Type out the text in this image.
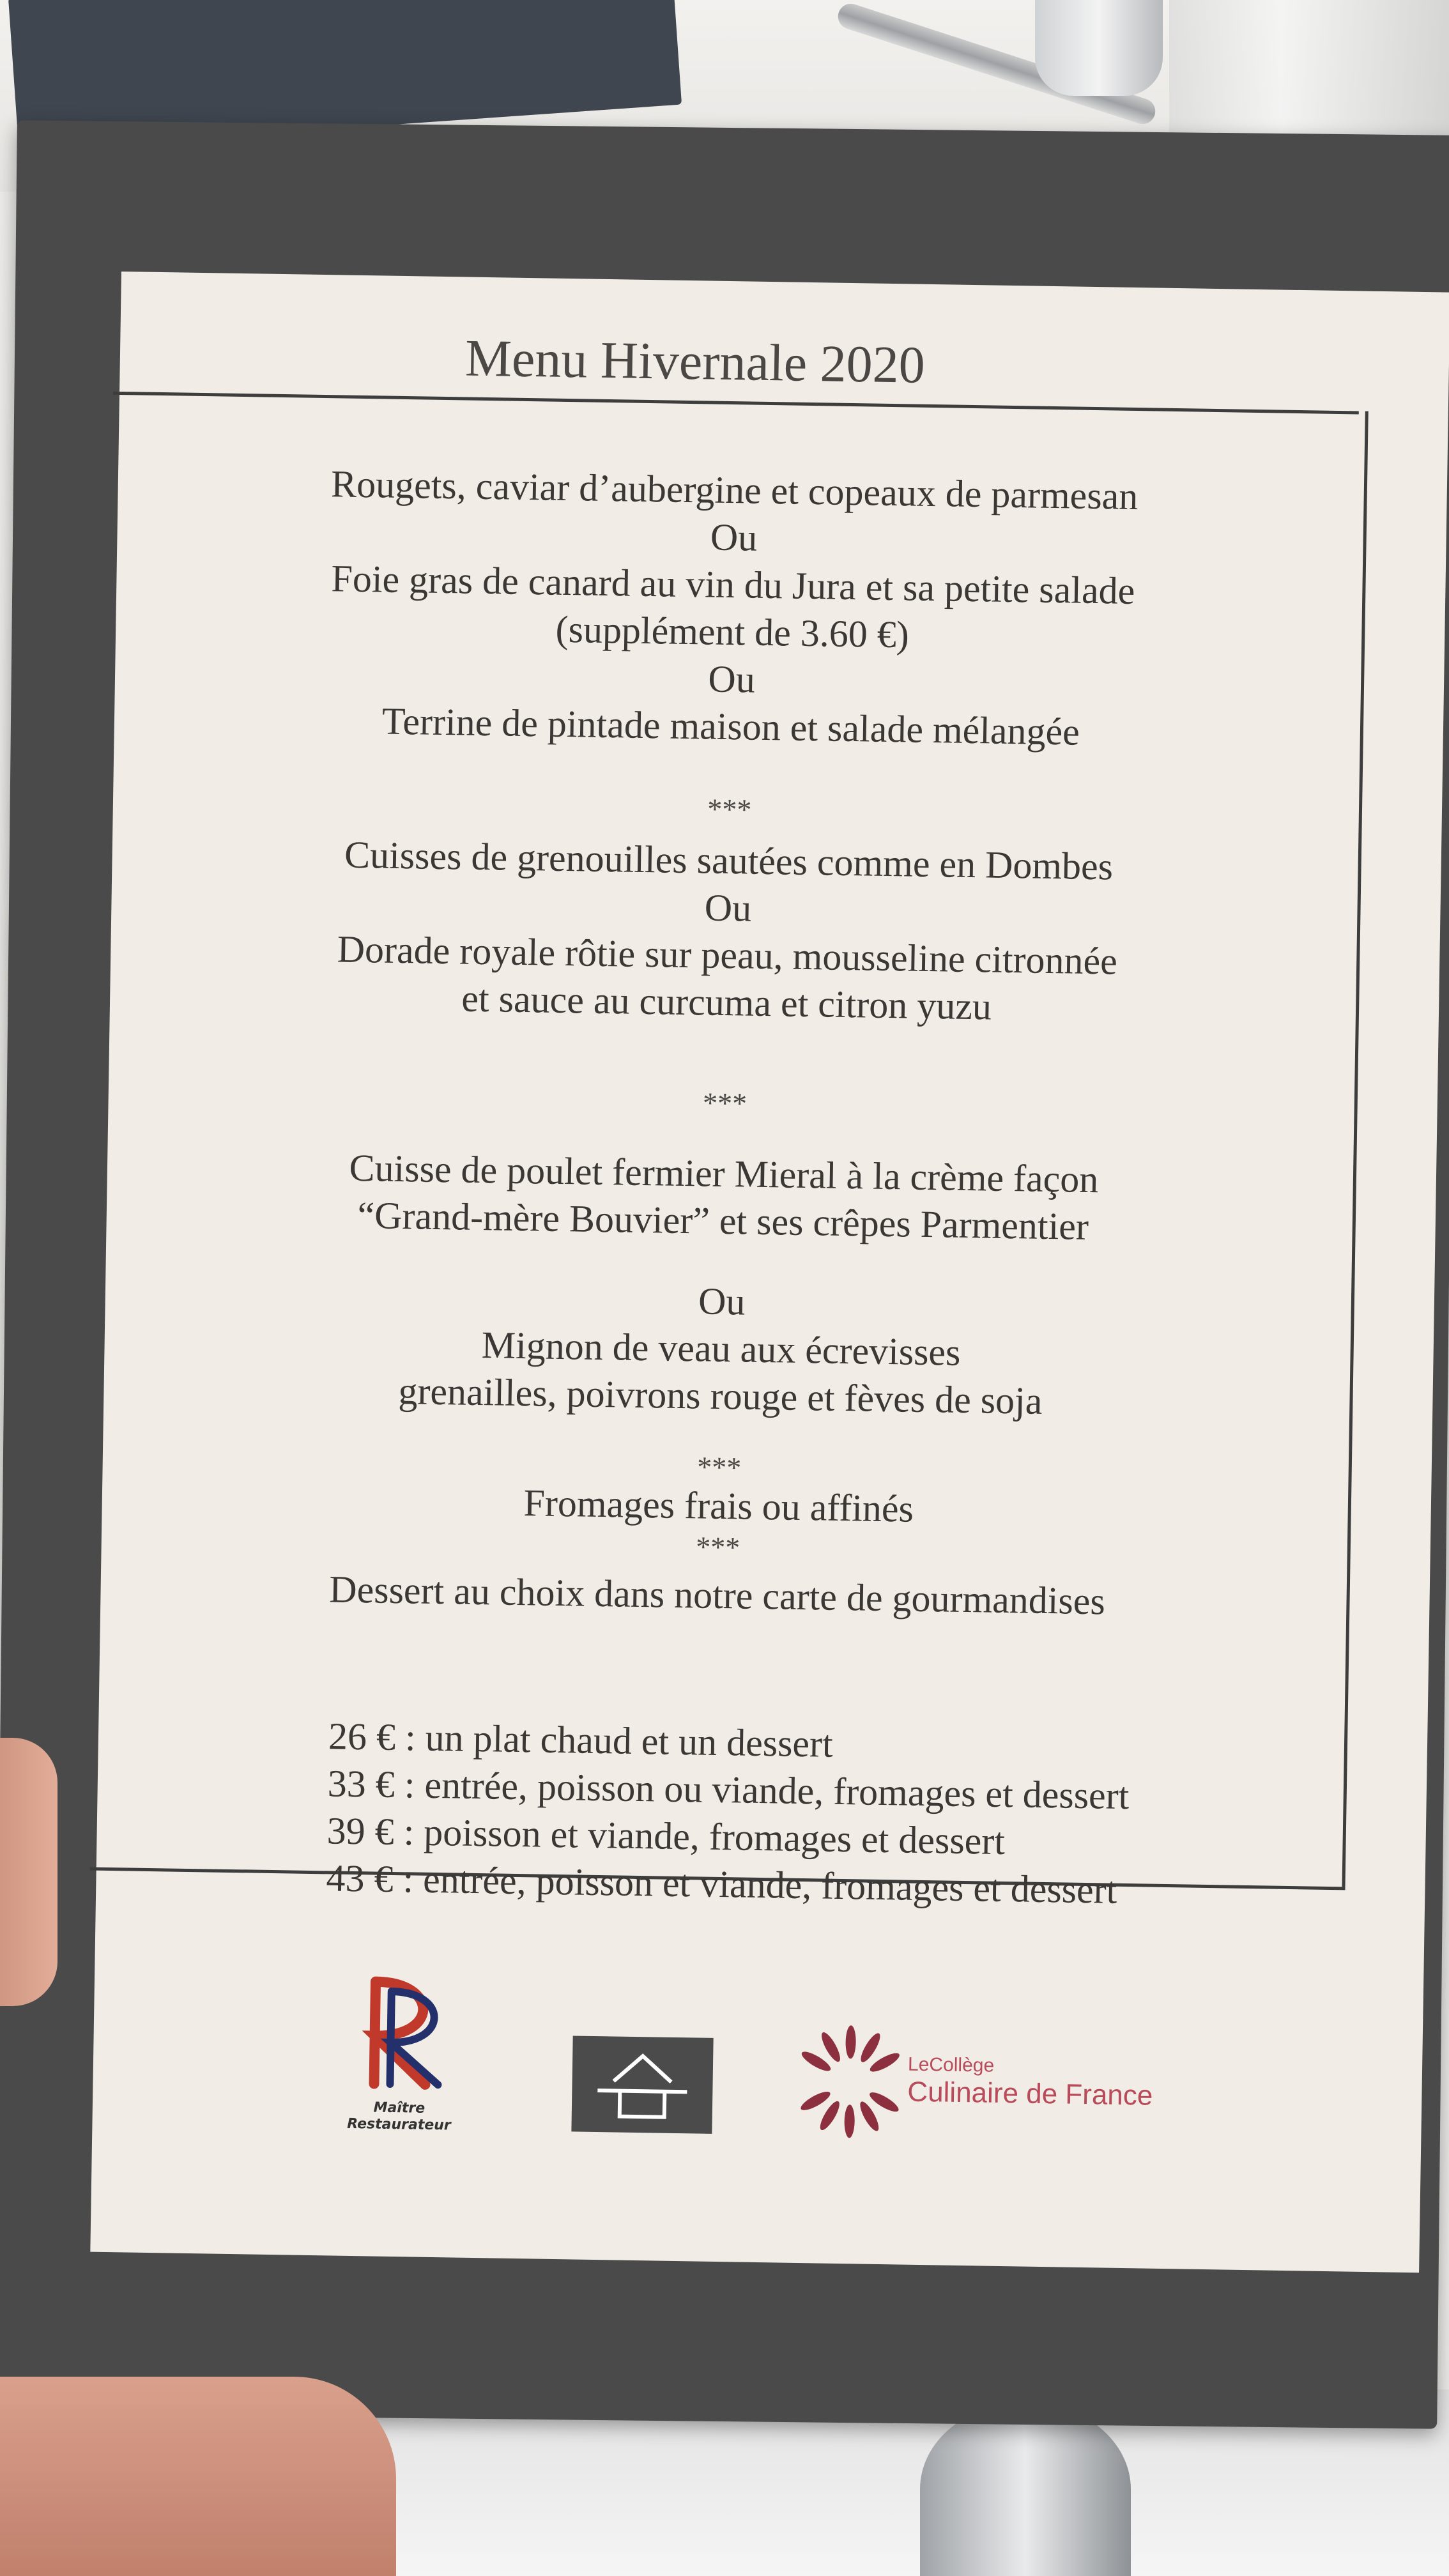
Menu Hivernale 2020
Rougets, caviar d’aubergine et copeaux de parmesan
Ou
Foie gras de canard au vin du Jura et sa petite salade
(supplément de 3.60 €)
Ou
Terrine de pintade maison et salade mélangée
***
Cuisses de grenouilles sautées comme en Dombes
Ou
Dorade royale rôtie sur peau, mousseline citronnée
et sauce au curcuma et citron yuzu
***
Cuisse de poulet fermier Mieral à la crème façon
“Grand-mère Bouvier” et ses crêpes Parmentier
Ou
Mignon de veau aux écrevisses
grenailles, poivrons rouge et fèves de soja
***
Fromages frais ou affinés
***
Dessert au choix dans notre carte de gourmandises
26 € : un plat chaud et un dessert
33 € : entrée, poisson ou viande, fromages et dessert
39 € : poisson et viande, fromages et dessert
43 € : entrée, poisson et viande, fromages et dessert
Maître
Restaurateur
LeCollège
Culinaire de France
